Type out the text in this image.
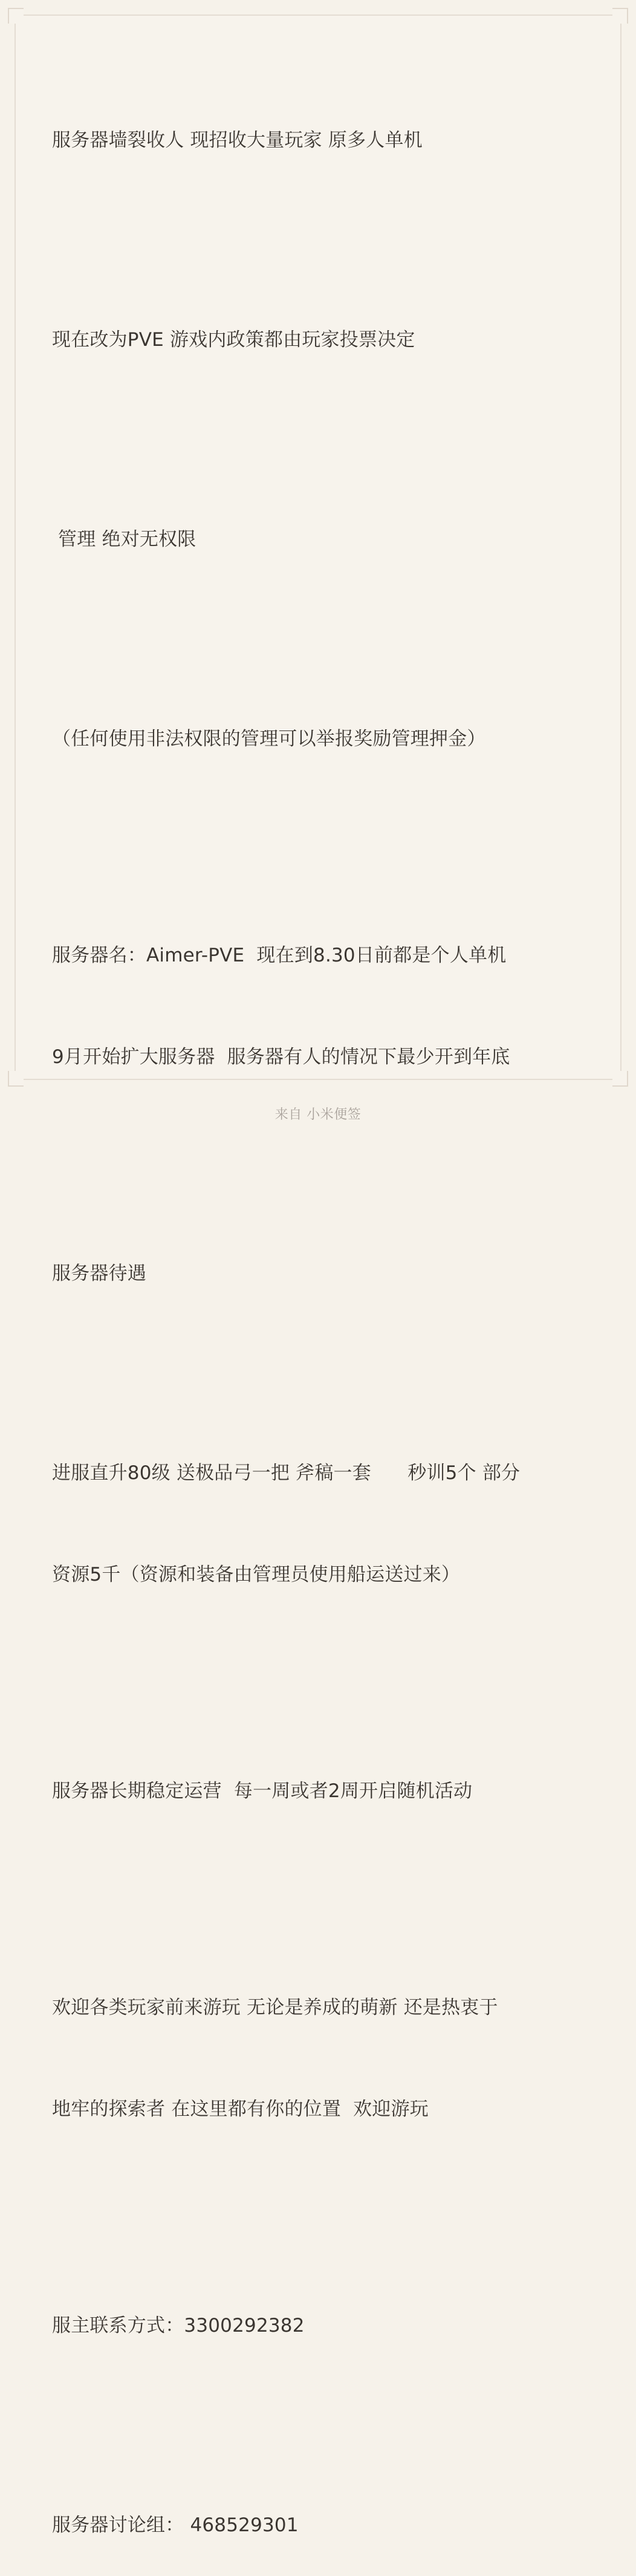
服务器墙裂收人 现招收大量玩家 原多人单机

现在改为PVE 游戏内政策都由玩家投票决定

管理 绝对无权限

（任何使用非法权限的管理可以举报奖励管理押金）

服务器名：Aimer-PVE  现在到8.30日前都是个人单机

9月开始扩大服务器  服务器有人的情况下最少开到年底

服务器待遇

进服直升80级 送极品弓一把 斧稿一套      秒训5个 部分

资源5千（资源和装备由管理员使用船运送过来）

服务器长期稳定运营  每一周或者2周开启随机活动

欢迎各类玩家前来游玩 无论是养成的萌新 还是热衷于

地牢的探索者 在这里都有你的位置  欢迎游玩

服主联系方式：3300292382

服务器讨论组： 468529301

来自 小米便签
